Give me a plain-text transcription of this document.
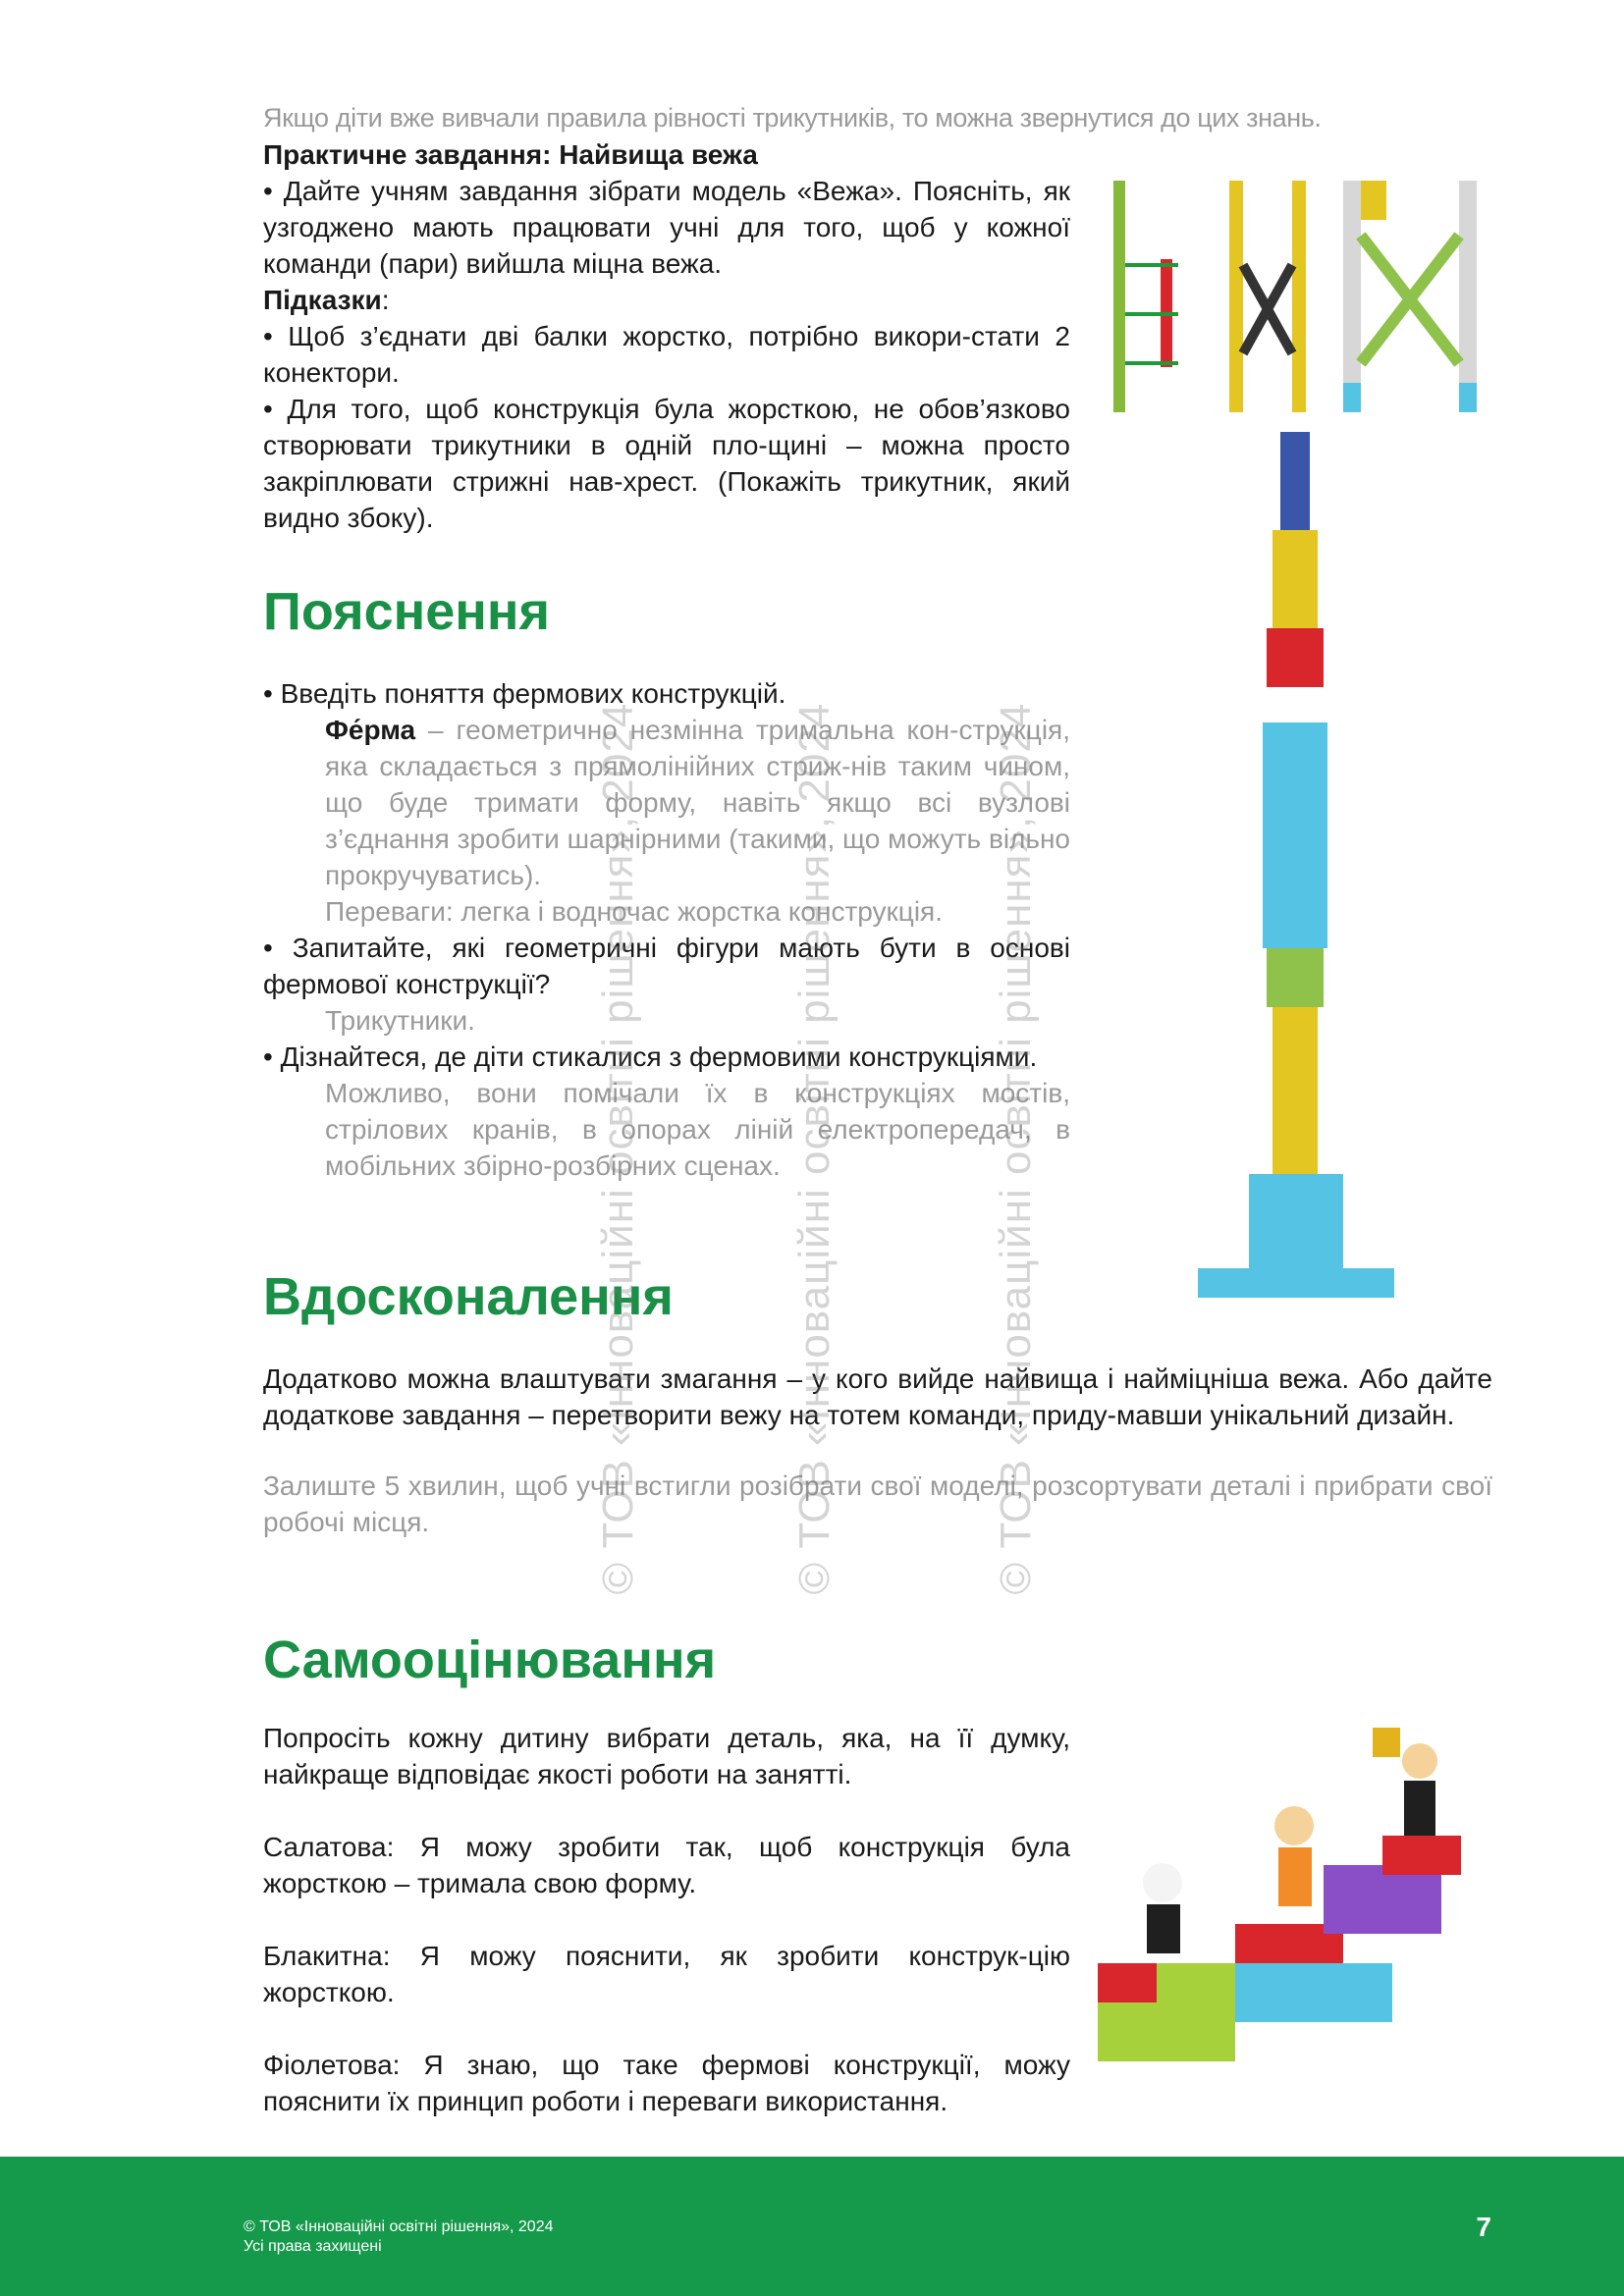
Якщо діти вже вивчали правила рівності трикутників, то можна звернутися до цих знань.

Практичне завдання: Найвища вежа

• Дайте учням завдання зібрати модель «Вежа». Поясніть, як узгоджено мають працювати учні для того, щоб у кожної команди (пари) вийшла міцна вежа.

Підказки:

• Щоб з’єднати дві балки жорстко, потрібно викори-стати 2 конектори.

• Для того, щоб конструкція була жорсткою, не обов’язково створювати трикутники в одній пло-щині – можна просто закріплювати стрижні нав-хрест. (Покажіть трикутник, який видно збоку).

Пояснення

• Введіть поняття фермових конструкцій.

Фе́рма – геометрично незмінна тримальна кон-струкція, яка складається з прямолінійних стриж-нів таким чином, що буде тримати форму, навіть якщо всі вузлові з’єднання зробити шарнірними (такими, що можуть вільно прокручуватись).

Переваги: легка і водночас жорстка конструкція.

• Запитайте, які геометричні фігури мають бути в основі фермової конструкції?

Трикутники.

• Дізнайтеся, де діти стикалися з фермовими конструкціями.

Можливо, вони помічали їх в конструкціях мостів, стрілових кранів, в опорах ліній електропередач, в мобільних збірно-розбірних сценах.

Вдосконалення

Додатково можна влаштувати змагання – у кого вийде найвища і наймiцніша вежа. Або дайте додаткове завдання – перетворити вежу на тотем команди, приду-мавши унікальний дизайн.

Залиште 5 хвилин, щоб учні встигли розібрати свої моделі, розсортувати деталі і прибрати свої робочі місця.

Самооцінювання

Попросіть кожну дитину вибрати деталь, яка, на її думку, найкраще відповідає якості роботи на занятті.

Салатова: Я можу зробити так, щоб конструкція була жорсткою – тримала свою форму.

Блакитна: Я можу пояснити, як зробити конструк-цію жорсткою.

Фіолетова: Я знаю, що таке фермові конструкції, можу пояснити їх принцип роботи і переваги використання.

© ТОВ «Інноваційні освітні рішення», 2024	© ТОВ «Інноваційні освітні рішення», 2024	© ТОВ «Інноваційні освітні рішення», 2024
© ТОВ «Інноваційні освітні рішення», 2024
Усі права захищені
7
